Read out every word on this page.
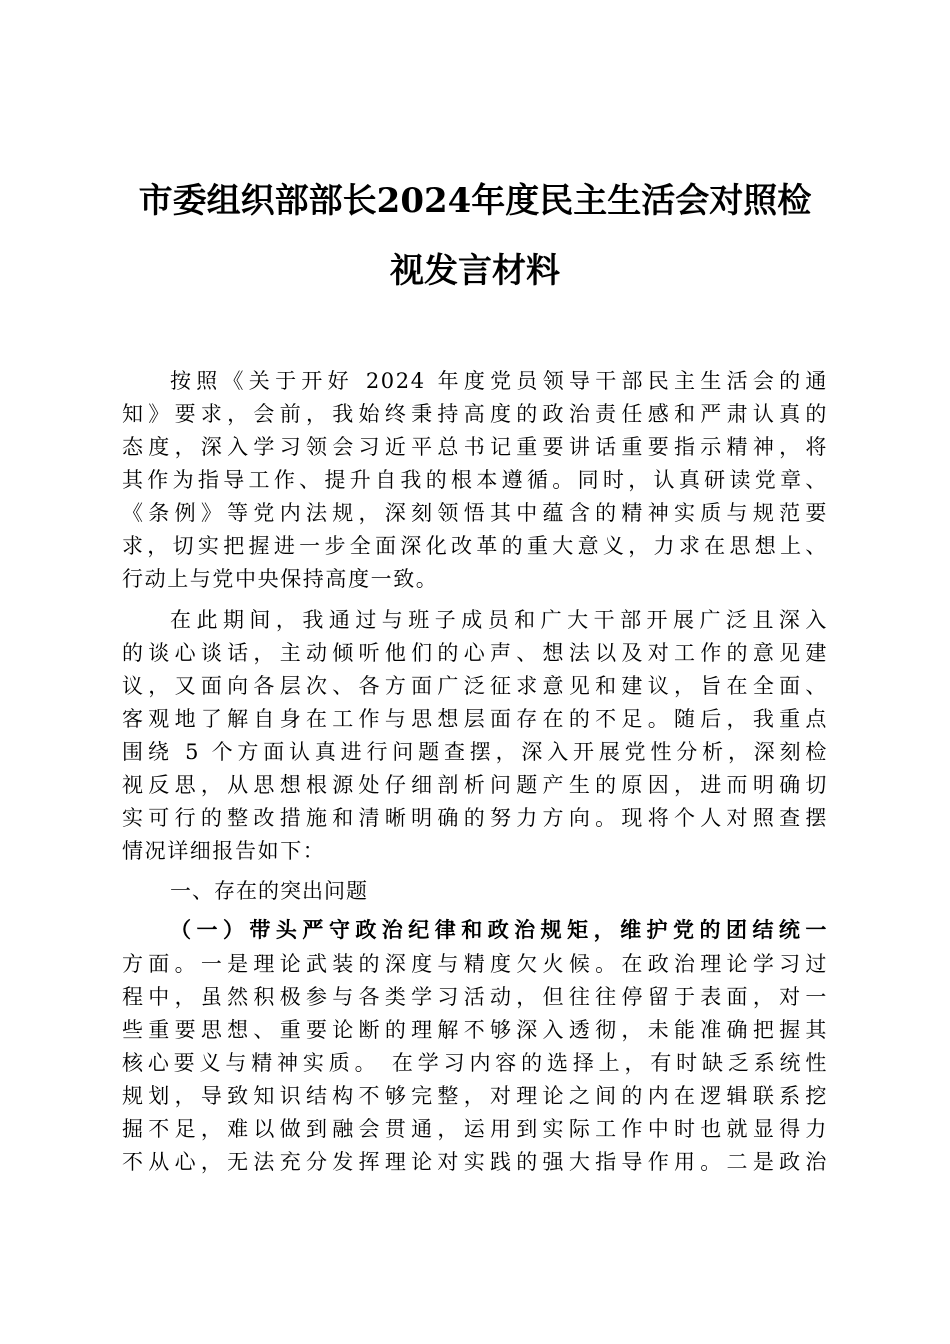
市委组织部部长2024年度民主生活会对照检
视发言材料

按照《关于开好 2024 年度党员领导干部民主生活会的通

知》要求，会前，我始终秉持高度的政治责任感和严肃认真的

态度，深入学习领会习近平总书记重要讲话重要指示精神，将

其作为指导工作、提升自我的根本遵循。同时，认真研读党章、

《条例》等党内法规，深刻领悟其中蕴含的精神实质与规范要

求，切实把握进一步全面深化改革的重大意义，力求在思想上、

行动上与党中央保持高度一致。

在此期间，我通过与班子成员和广大干部开展广泛且深入

的谈心谈话，主动倾听他们的心声、想法以及对工作的意见建

议，又面向各层次、各方面广泛征求意见和建议，旨在全面、

客观地了解自身在工作与思想层面存在的不足。随后，我重点

围绕 5 个方面认真进行问题查摆，深入开展党性分析，深刻检

视反思，从思想根源处仔细剖析问题产生的原因，进而明确切

实可行的整改措施和清晰明确的努力方向。现将个人对照查摆

情况详细报告如下：

一、存在的突出问题

（一）带头严守政治纪律和政治规矩，维护党的团结统一

方面。一是理论武装的深度与精度欠火候。在政治理论学习过

程中，虽然积极参与各类学习活动，但往往停留于表面，对一

些重要思想、重要论断的理解不够深入透彻，未能准确把握其

核心要义与精神实质。 在学习内容的选择上，有时缺乏系统性

规划，导致知识结构不够完整，对理论之间的内在逻辑联系挖

掘不足，难以做到融会贯通，运用到实际工作中时也就显得力

不从心，无法充分发挥理论对实践的强大指导作用。二是政治
